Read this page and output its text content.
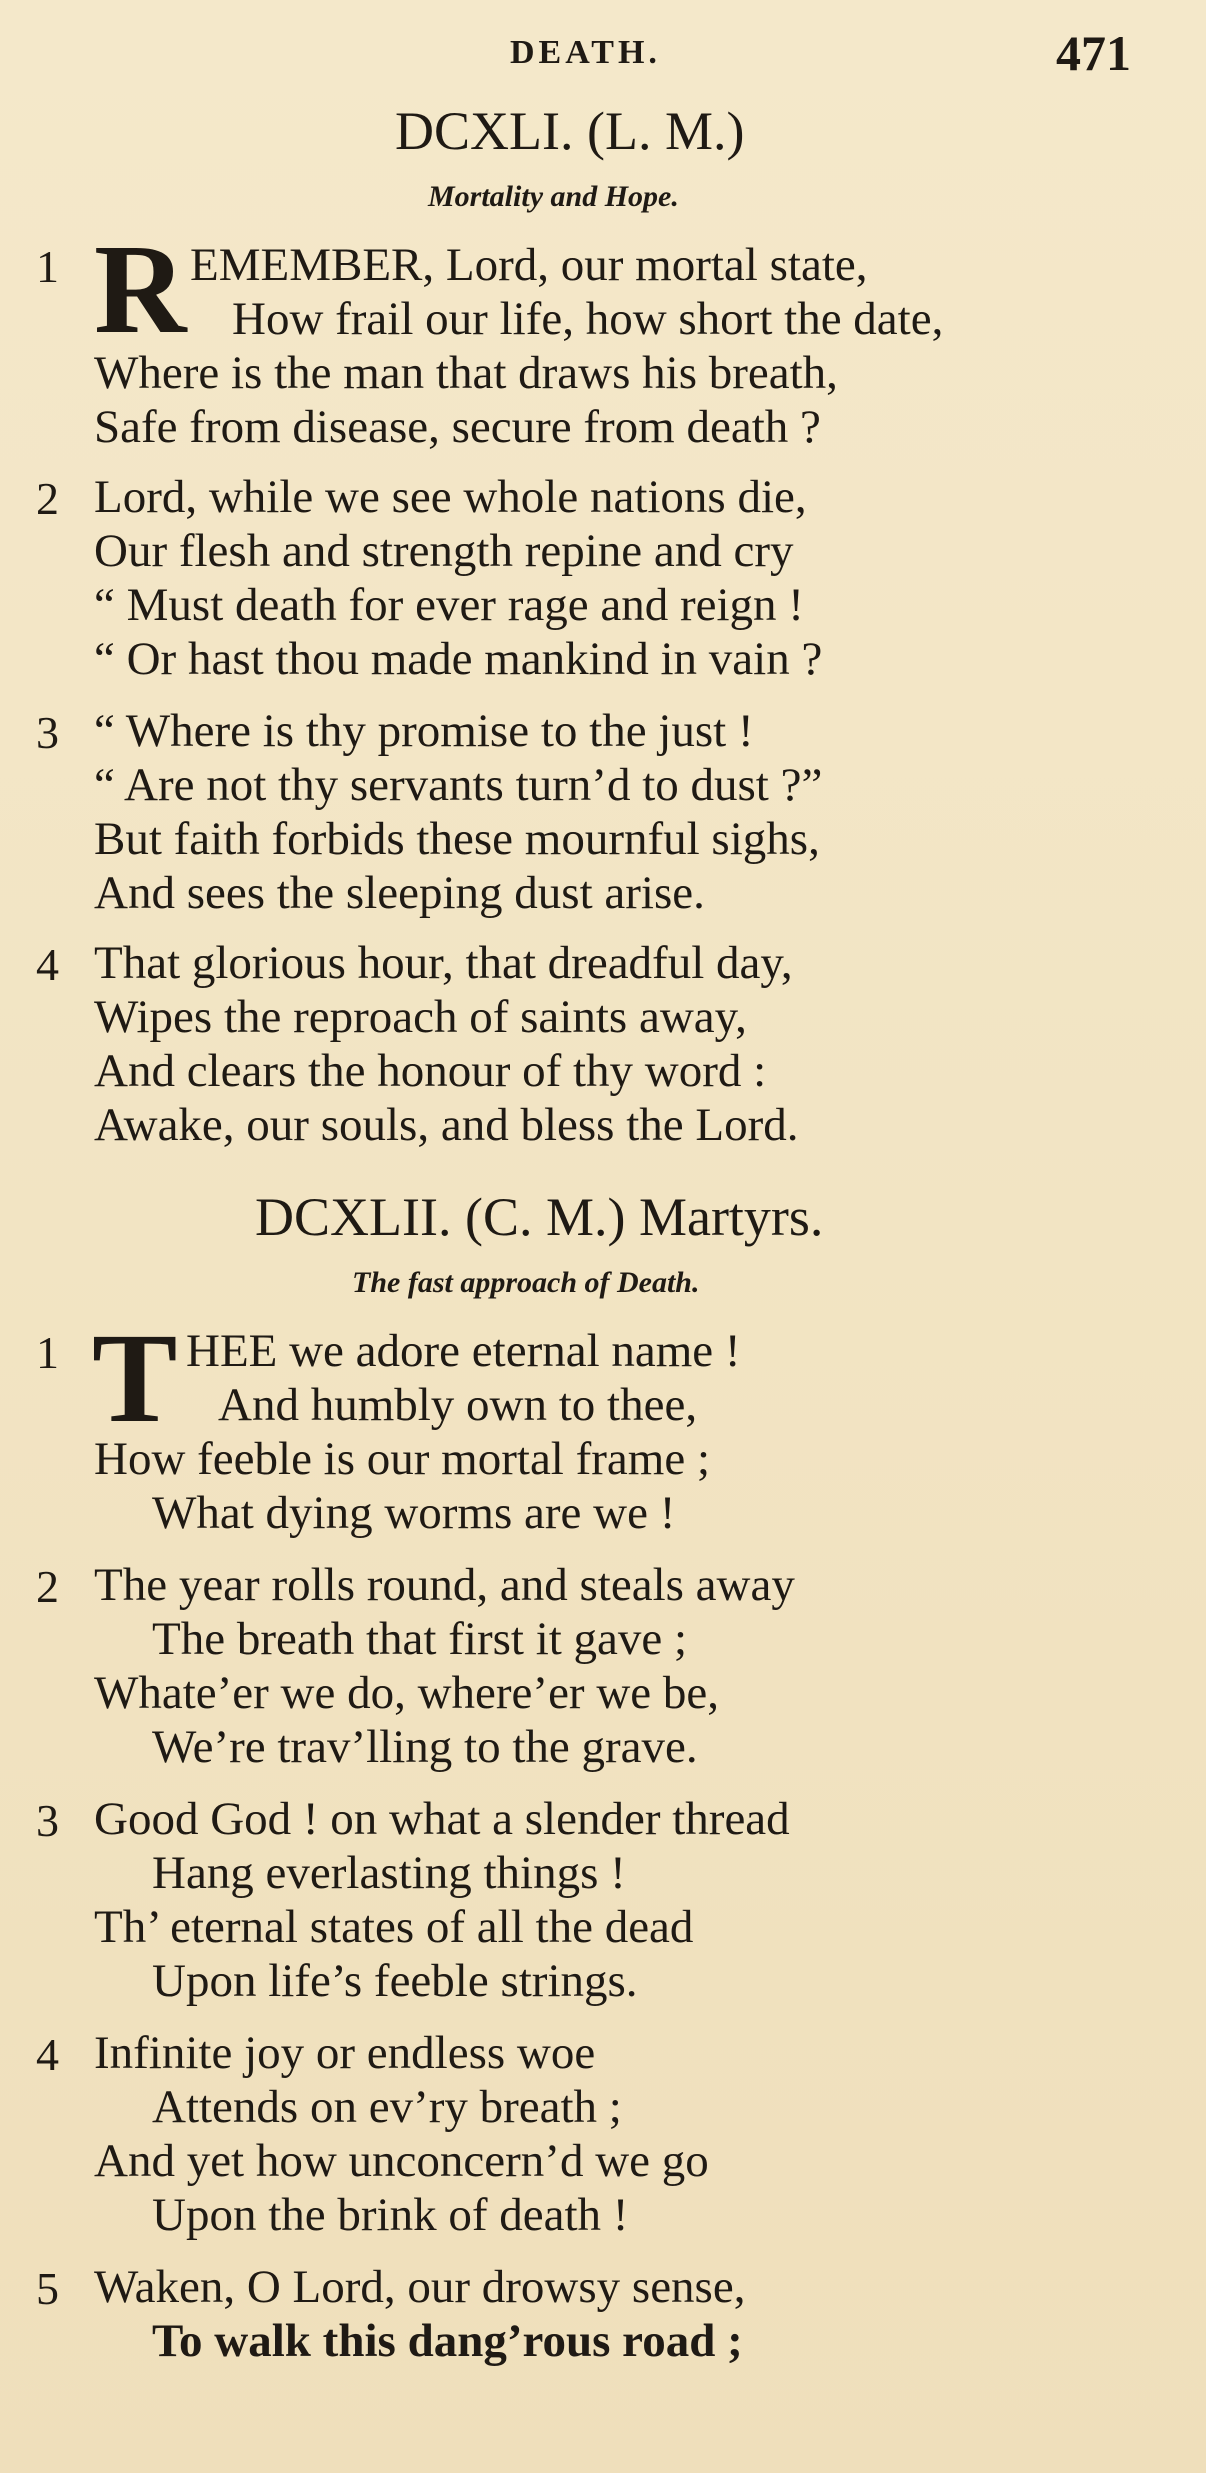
DEATH.	471
DCXLI. (L. M.)
Mortality and Hope.
1 R EMEMBER, Lord, our mortal state,
How frail our life, how short the date,
Where is the man that draws his breath,
Safe from disease, secure from death ?
2 Lord, while we see whole nations die,
Our flesh and strength repine and cry
“ Must death for ever rage and reign !
“ Or hast thou made mankind in vain ?
3 “ Where is thy promise to the just !
“ Are not thy servants turn’d to dust ?”
But faith forbids these mournful sighs,
And sees the sleeping dust arise.
4 That glorious hour, that dreadful day,
Wipes the reproach of saints away,
And clears the honour of thy word :
Awake, our souls, and bless the Lord.
DCXLII. (C. M.) Martyrs.
The fast approach of Death.
1 T HEE we adore eternal name !
And humbly own to thee,
How feeble is our mortal frame ;
What dying worms are we !
2 The year rolls round, and steals away
The breath that first it gave ;
Whate’er we do, where’er we be,
We’re trav’lling to the grave.
3 Good God ! on what a slender thread
Hang everlasting things !
Th’ eternal states of all the dead
Upon life’s feeble strings.
4 Infinite joy or endless woe
Attends on ev’ry breath ;
And yet how unconcern’d we go
Upon the brink of death !
5 Waken, O Lord, our drowsy sense,
To walk this dang’rous road ;
